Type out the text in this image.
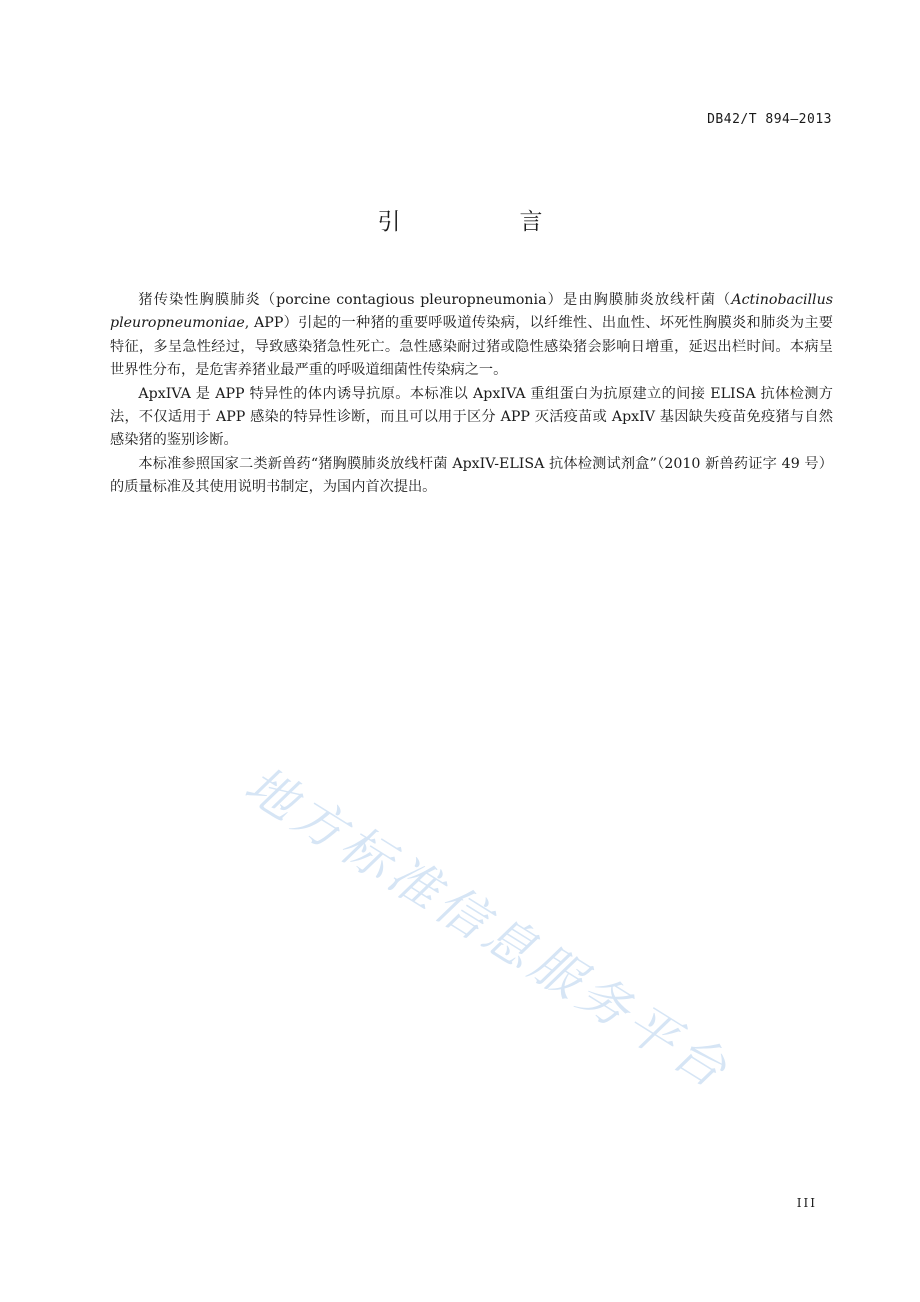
DB42/T 894—2013
引　言

猪传染性胸膜肺炎（porcine contagious pleuropneumonia）是由胸膜肺炎放线杆菌（Actinobacillus pleuropneumoniae, APP）引起的一种猪的重要呼吸道传染病，以纤维性、出血性、坏死性胸膜炎和肺炎为主要特征，多呈急性经过，导致感染猪急性死亡。急性感染耐过猪或隐性感染猪会影响日增重，延迟出栏时间。本病呈世界性分布，是危害养猪业最严重的呼吸道细菌性传染病之一。

ApxIVA 是 APP 特异性的体内诱导抗原。本标准以 ApxIVA 重组蛋白为抗原建立的间接 ELISA 抗体检测方法，不仅适用于 APP 感染的特异性诊断，而且可以用于区分 APP 灭活疫苗或 ApxIV 基因缺失疫苗免疫猪与自然感染猪的鉴别诊断。

本标准参照国家二类新兽药“猪胸膜肺炎放线杆菌 ApxIV-ELISA 抗体检测试剂盒”（2010 新兽药证字 49 号）的质量标准及其使用说明书制定，为国内首次提出。

地方标准信息服务平台
III
